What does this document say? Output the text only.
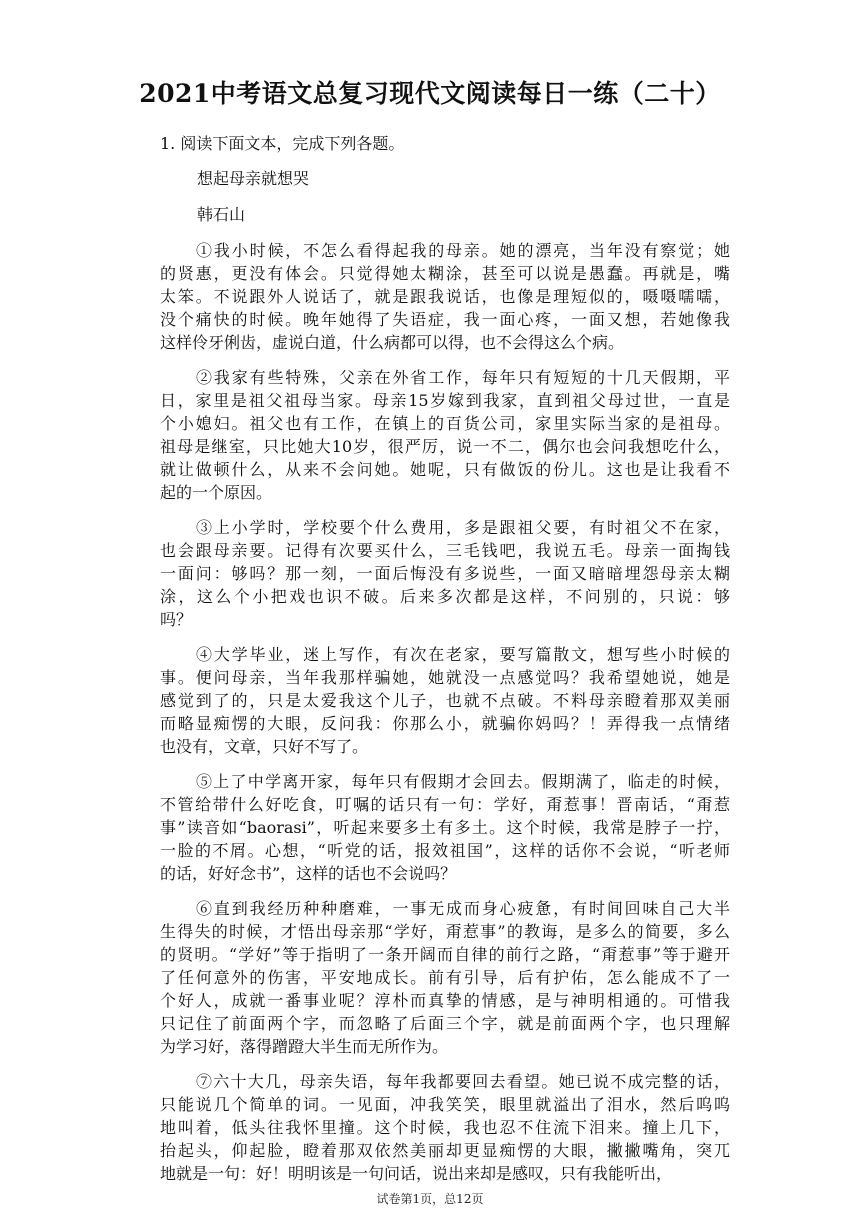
2021中考语文总复习现代文阅读每日一练（二十）

1. 阅读下面文本，完成下列各题。

想起母亲就想哭

韩石山

①我小时候，不怎么看得起我的母亲。她的漂亮，当年没有察觉；她

的贤惠，更没有体会。只觉得她太糊涂，甚至可以说是愚蠢。再就是，嘴

太笨。不说跟外人说话了，就是跟我说话，也像是理短似的，嗫嗫嚅嚅，

没个痛快的时候。晚年她得了失语症，我一面心疼，一面又想，若她像我

这样伶牙俐齿，虚说白道，什么病都可以得，也不会得这么个病。

②我家有些特殊，父亲在外省工作，每年只有短短的十几天假期，平

日，家里是祖父祖母当家。母亲15岁嫁到我家，直到祖父母过世，一直是

个小媳妇。祖父也有工作，在镇上的百货公司，家里实际当家的是祖母。

祖母是继室，只比她大10岁，很严厉，说一不二，偶尔也会问我想吃什么，

就让做顿什么，从来不会问她。她呢，只有做饭的份儿。这也是让我看不

起的一个原因。

③上小学时，学校要个什么费用，多是跟祖父要，有时祖父不在家，

也会跟母亲要。记得有次要买什么，三毛钱吧，我说五毛。母亲一面掏钱

一面问：够吗？那一刻，一面后悔没有多说些，一面又暗暗埋怨母亲太糊

涂，这么个小把戏也识不破。后来多次都是这样，不问别的，只说：够

吗？

④大学毕业，迷上写作，有次在老家，要写篇散文，想写些小时候的

事。便问母亲，当年我那样骗她，她就没一点感觉吗？我希望她说，她是

感觉到了的，只是太爱我这个儿子，也就不点破。不料母亲瞪着那双美丽

而略显痴愣的大眼，反问我：你那么小，就骗你妈吗？！弄得我一点情绪

也没有，文章，只好不写了。

⑤上了中学离开家，每年只有假期才会回去。假期满了，临走的时候，

不管给带什么好吃食，叮嘱的话只有一句：学好，甭惹事！晋南话，“甭惹

事”读音如“baorasi”，听起来要多土有多土。这个时候，我常是脖子一拧，

一脸的不屑。心想，“听党的话，报效祖国”，这样的话你不会说，“听老师

的话，好好念书”，这样的话也不会说吗？

⑥直到我经历种种磨难，一事无成而身心疲惫，有时间回味自己大半

生得失的时候，才悟出母亲那“学好，甭惹事”的教诲，是多么的简要，多么

的贤明。“学好”等于指明了一条开阔而自律的前行之路，“甭惹事”等于避开

了任何意外的伤害，平安地成长。前有引导，后有护佑，怎么能成不了一

个好人，成就一番事业呢？淳朴而真挚的情感，是与神明相通的。可惜我

只记住了前面两个字，而忽略了后面三个字，就是前面两个字，也只理解

为学习好，落得蹭蹬大半生而无所作为。

⑦六十大几，母亲失语，每年我都要回去看望。她已说不成完整的话，

只能说几个简单的词。一见面，冲我笑笑，眼里就溢出了泪水，然后呜呜

地叫着，低头往我怀里撞。这个时候，我也忍不住流下泪来。撞上几下，

抬起头，仰起脸，瞪着那双依然美丽却更显痴愣的大眼，撇撇嘴角，突兀

地就是一句：好！明明该是一句问话，说出来却是感叹，只有我能听出，

试卷第1页，总12页
